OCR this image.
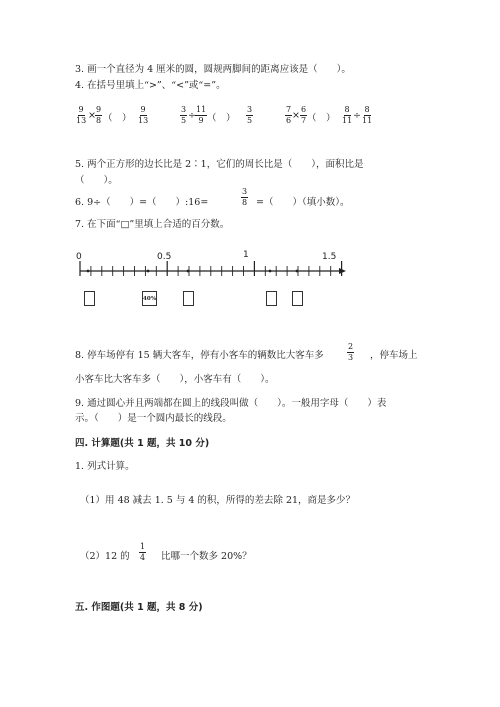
3. 画一个直径为 4 厘米的圆，圆规两脚间的距离应该是（　　）。
4. 在括号里填上“>”、“<”或“=”。
$\frac{9}{13} \times \frac{9}{8}$ （　） $\frac{9}{13}$	$\frac{3}{5} \div \frac{11}{9}$ （　） $\frac{3}{5}$	$\frac{7}{6} \times \frac{6}{7}$ （　） $\frac{8}{11} \div \frac{8}{11}$
5. 两个正方形的边长比是 2∶1，它们的周长比是（　　），面积比是
（　　）。
6. 9÷（　　）=（　　）:16=	$\frac{3}{8}$ =（　　）（填小数）。
7. 在下面“□”里填上合适的百分数。
0	0.5	1	1.5
40%
8. 停车场停有 15 辆大客车，停有小客车的辆数比大客车多	$\frac{2}{3}$ ，停车场上
小客车比大客车多（　　），小客车有（　　）。
9. 通过圆心并且两端都在圆上的线段叫做（　　）。一般用字母（　　）表
示。（　　）是一个圆内最长的线段。
四. 计算题(共 1 题，共 10 分)
1. 列式计算。
（1）用 48 减去 1. 5 与 4 的积，所得的差去除 21，商是多少？
（2）12 的 $\frac{1}{4}$ 比哪一个数多 20%？
五. 作图题(共 1 题，共 8 分)
